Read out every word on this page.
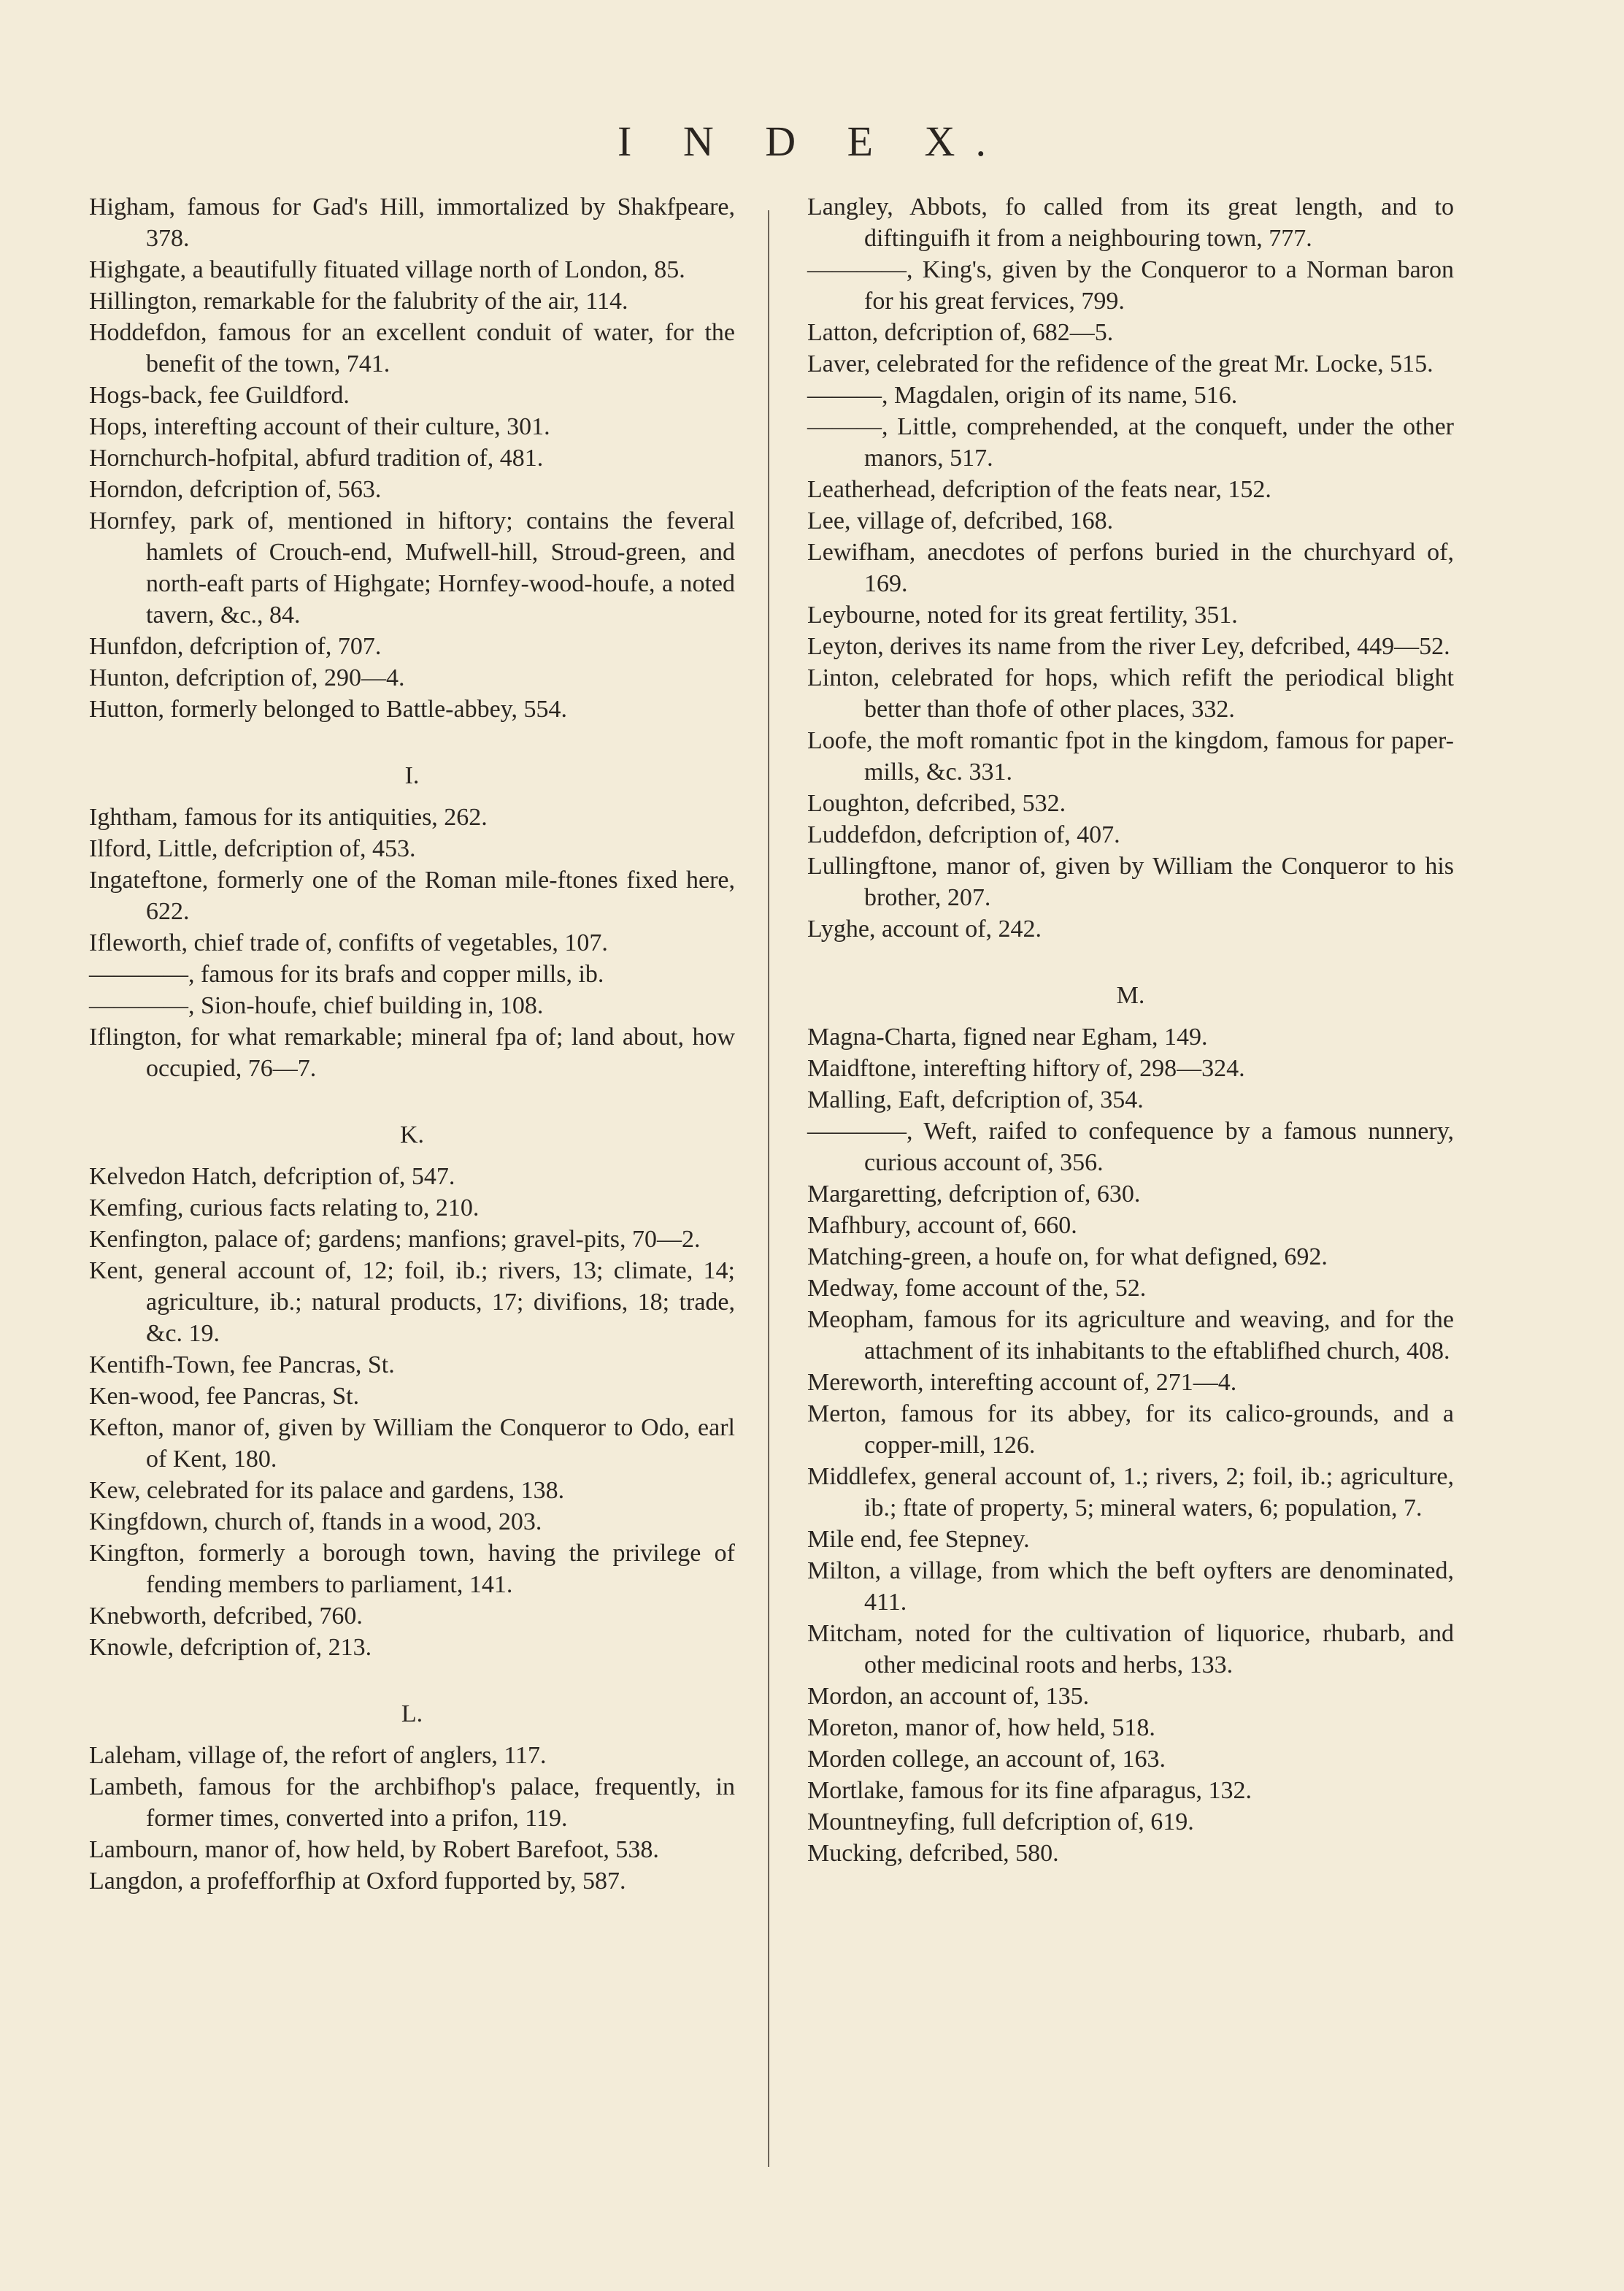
I N D E X.

Higham, famous for Gad's Hill, immortalized by Shakfpeare, 378.

Highgate, a beautifully fituated village north of London, 85.

Hillington, remarkable for the falubrity of the air, 114.

Hoddefdon, famous for an excellent conduit of water, for the benefit of the town, 741.

Hogs-back, fee Guildford.

Hops, interefting account of their culture, 301.

Hornchurch-hofpital, abfurd tradition of, 481.

Horndon, defcription of, 563.

Hornfey, park of, mentioned in hiftory; contains the feveral hamlets of Crouch-end, Mufwell-hill, Stroud-green, and north-eaft parts of Highgate; Hornfey-wood-houfe, a noted tavern, &c., 84.

Hunfdon, defcription of, 707.

Hunton, defcription of, 290—4.

Hutton, formerly belonged to Battle-abbey, 554.

I.

Ightham, famous for its antiquities, 262.

Ilford, Little, defcription of, 453.

Ingateftone, formerly one of the Roman mile-ftones fixed here, 622.

Ifleworth, chief trade of, confifts of vegetables, 107.

————, famous for its brafs and copper mills, ib.

————, Sion-houfe, chief building in, 108.

Iflington, for what remarkable; mineral fpa of; land about, how occupied, 76—7.

K.

Kelvedon Hatch, defcription of, 547.

Kemfing, curious facts relating to, 210.

Kenfington, palace of; gardens; manfions; gravel-pits, 70—2.

Kent, general account of, 12; foil, ib.; rivers, 13; climate, 14; agriculture, ib.; natural products, 17; divifions, 18; trade, &c. 19.

Kentifh-Town, fee Pancras, St.

Ken-wood, fee Pancras, St.

Kefton, manor of, given by William the Conqueror to Odo, earl of Kent, 180.

Kew, celebrated for its palace and gardens, 138.

Kingfdown, church of, ftands in a wood, 203.

Kingfton, formerly a borough town, having the privilege of fending members to parliament, 141.

Knebworth, defcribed, 760.

Knowle, defcription of, 213.

L.

Laleham, village of, the refort of anglers, 117.

Lambeth, famous for the archbifhop's palace, frequently, in former times, converted into a prifon, 119.

Lambourn, manor of, how held, by Robert Barefoot, 538.

Langdon, a profefforfhip at Oxford fupported by, 587.

Langley, Abbots, fo called from its great length, and to diftinguifh it from a neighbouring town, 777.

————, King's, given by the Conqueror to a Norman baron for his great fervices, 799.

Latton, defcription of, 682—5.

Laver, celebrated for the refidence of the great Mr. Locke, 515.

———, Magdalen, origin of its name, 516.

———, Little, comprehended, at the conqueft, under the other manors, 517.

Leatherhead, defcription of the feats near, 152.

Lee, village of, defcribed, 168.

Lewifham, anecdotes of perfons buried in the churchyard of, 169.

Leybourne, noted for its great fertility, 351.

Leyton, derives its name from the river Ley, defcribed, 449—52.

Linton, celebrated for hops, which refift the periodical blight better than thofe of other places, 332.

Loofe, the moft romantic fpot in the kingdom, famous for paper-mills, &c. 331.

Loughton, defcribed, 532.

Luddefdon, defcription of, 407.

Lullingftone, manor of, given by William the Conqueror to his brother, 207.

Lyghe, account of, 242.

M.

Magna-Charta, figned near Egham, 149.

Maidftone, interefting hiftory of, 298—324.

Malling, Eaft, defcription of, 354.

————, Weft, raifed to confequence by a famous nunnery, curious account of, 356.

Margaretting, defcription of, 630.

Mafhbury, account of, 660.

Matching-green, a houfe on, for what defigned, 692.

Medway, fome account of the, 52.

Meopham, famous for its agriculture and weaving, and for the attachment of its inhabitants to the eftablifhed church, 408.

Mereworth, interefting account of, 271—4.

Merton, famous for its abbey, for its calico-grounds, and a copper-mill, 126.

Middlefex, general account of, 1.; rivers, 2; foil, ib.; agriculture, ib.; ftate of property, 5; mineral waters, 6; population, 7.

Mile end, fee Stepney.

Milton, a village, from which the beft oyfters are denominated, 411.

Mitcham, noted for the cultivation of liquorice, rhubarb, and other medicinal roots and herbs, 133.

Mordon, an account of, 135.

Moreton, manor of, how held, 518.

Morden college, an account of, 163.

Mortlake, famous for its fine afparagus, 132.

Mountneyfing, full defcription of, 619.

Mucking, defcribed, 580.
